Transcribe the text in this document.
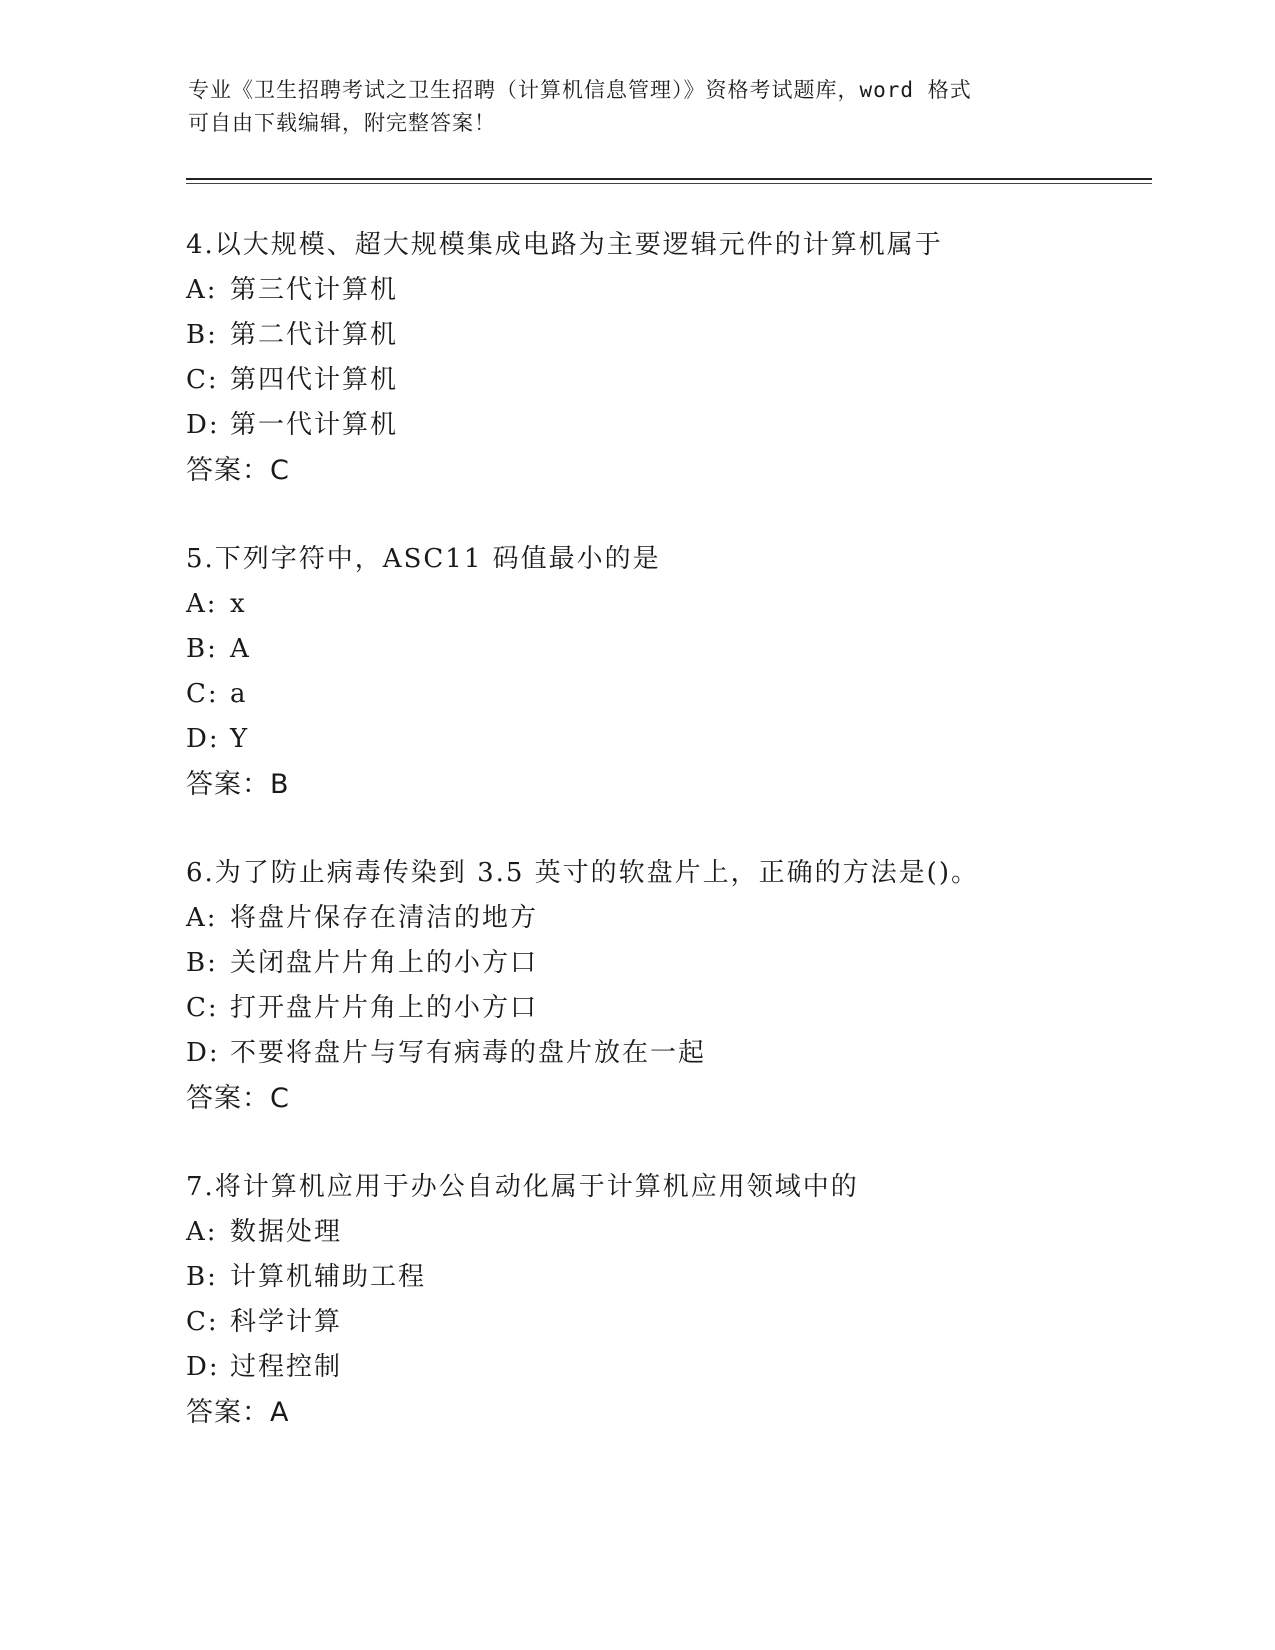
专业《卫生招聘考试之卫生招聘（计算机信息管理）》资格考试题库，word 格式

可自由下载编辑，附完整答案！

4.以大规模、超大规模集成电路为主要逻辑元件的计算机属于

A: 第三代计算机

B: 第二代计算机

C: 第四代计算机

D: 第一代计算机

答案：C

5.下列字符中，ASC11 码值最小的是

A: x

B: A

C: a

D: Y

答案：B

6.为了防止病毒传染到 3.5 英寸的软盘片上，正确的方法是()。

A: 将盘片保存在清洁的地方

B: 关闭盘片片角上的小方口

C: 打开盘片片角上的小方口

D: 不要将盘片与写有病毒的盘片放在一起

答案：C

7.将计算机应用于办公自动化属于计算机应用领域中的

A: 数据处理

B: 计算机辅助工程

C: 科学计算

D: 过程控制

答案：A
